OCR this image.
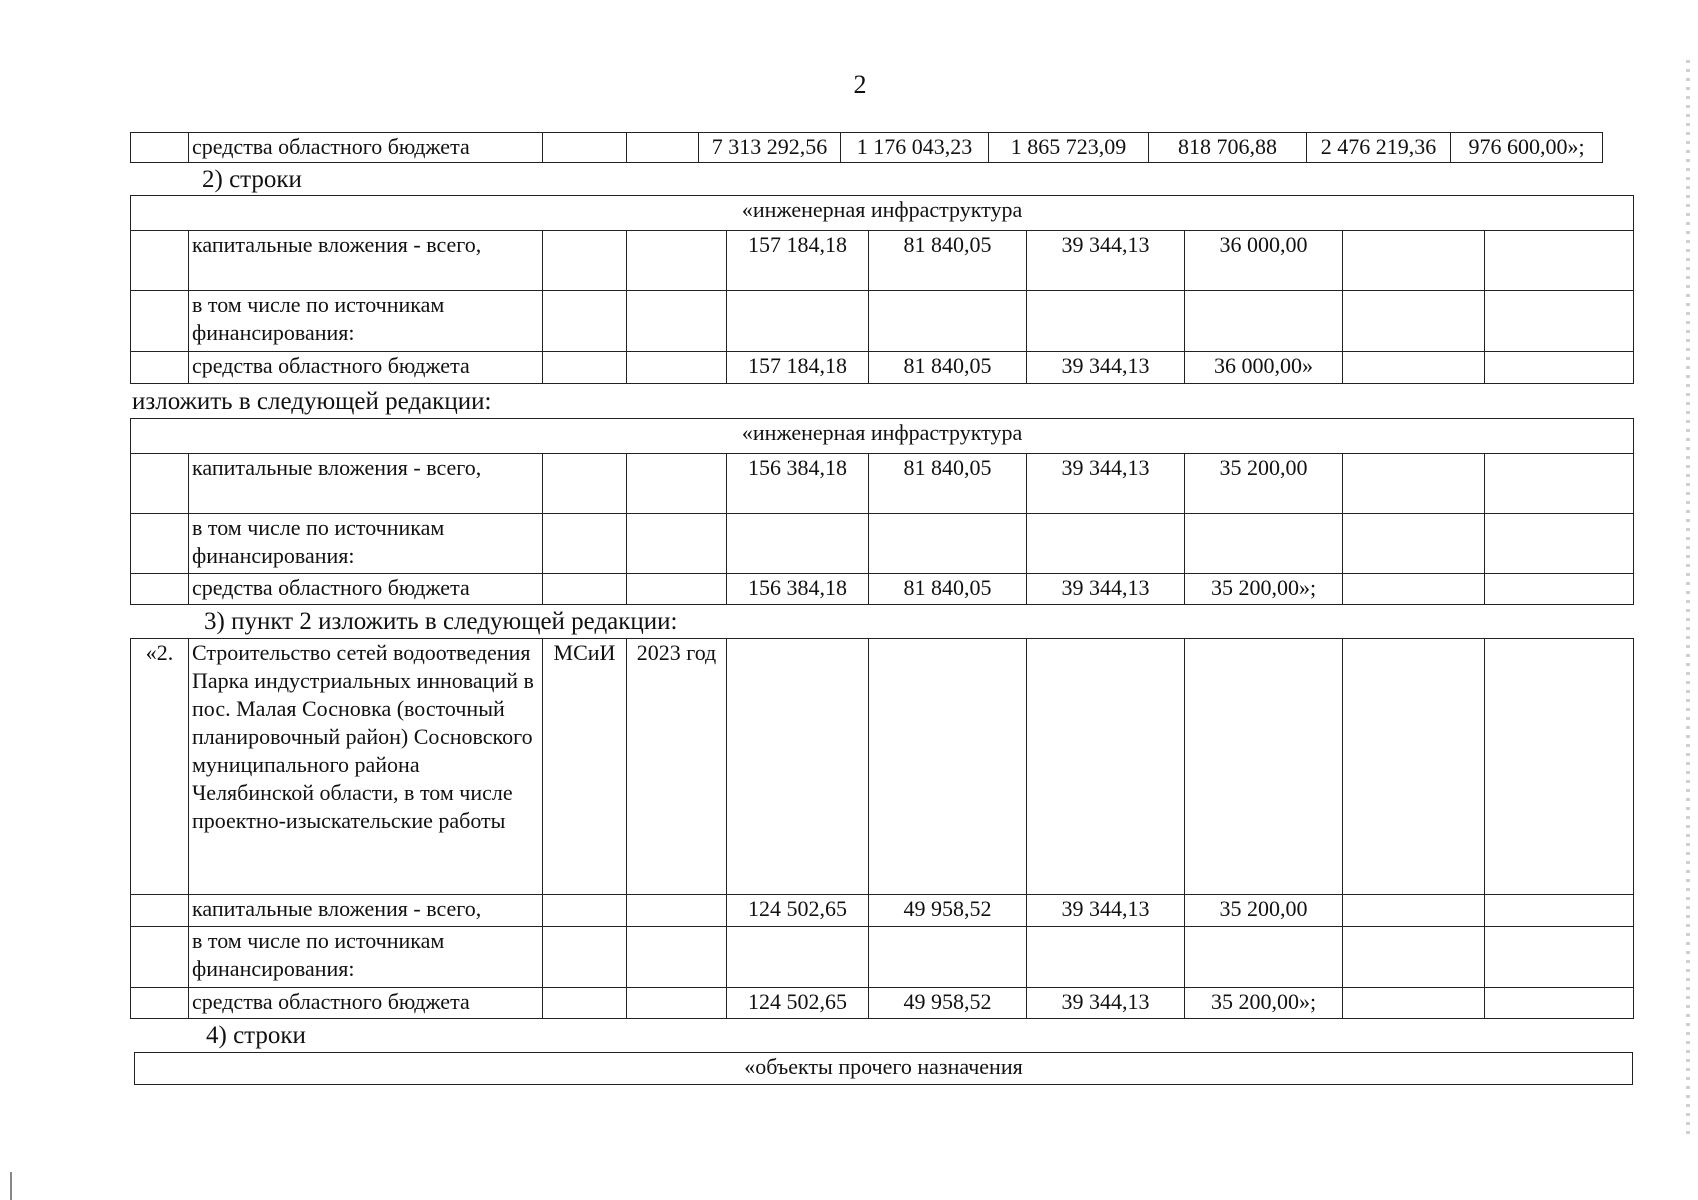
2
	средства областного бюджета			7 313 292,56	1 176 043,23	1 865 723,09	818 706,88	2 476 219,36	976 600,00»;
2) строки
«инженерная инфраструктура									
	капитальные вложения - всего,			157 184,18	81 840,05	39 344,13	36 000,00		
	в том числе по источникам финансирования:								
	средства областного бюджета			157 184,18	81 840,05	39 344,13	36 000,00»		
изложить в следующей редакции:
«инженерная инфраструктура									
	капитальные вложения - всего,			156 384,18	81 840,05	39 344,13	35 200,00		
	в том числе по источникам финансирования:								
	средства областного бюджета			156 384,18	81 840,05	39 344,13	35 200,00»;		
3) пункт 2 изложить в следующей редакции:
«2.	Строительство сетей водоотведения Парка индустриальных инноваций в пос. Малая Сосновка (восточный планировочный район) Сосновского муниципального района Челябинской области, в том числе проектно-изыскательские работы	МСиИ	2023 год						
	капитальные вложения - всего,			124 502,65	49 958,52	39 344,13	35 200,00		
	в том числе по источникам финансирования:								
	средства областного бюджета			124 502,65	49 958,52	39 344,13	35 200,00»;		
4) строки
«объекты прочего назначения
